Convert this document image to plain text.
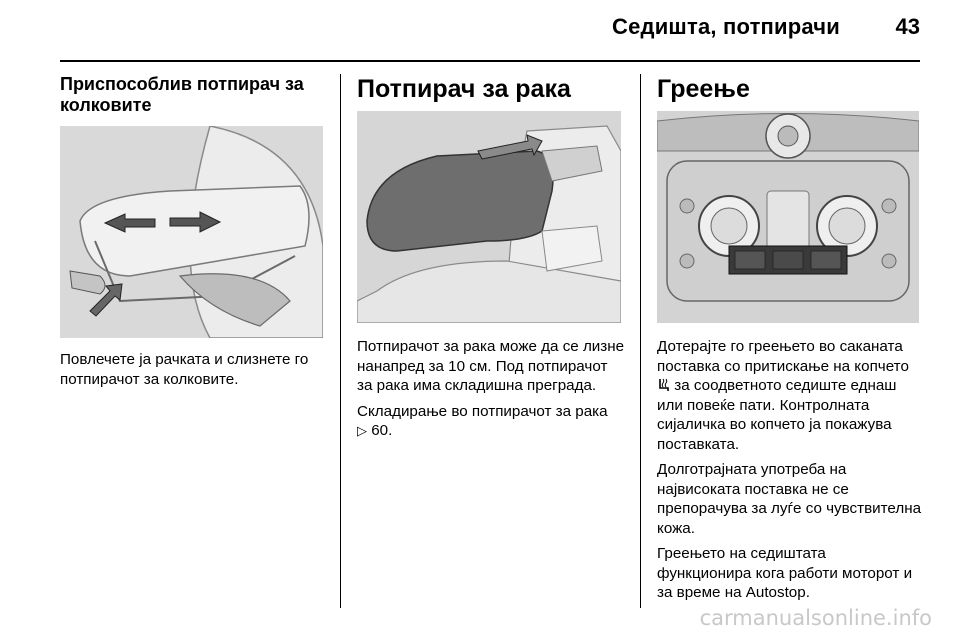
Седишта, потпирачи	43
Приспособлив потпирач за колковите

Повлечете ја рачката и слизнете го потпирачот за колковите.

Потпирач за рака

Потпирачот за рака може да се лизне нанапред за 10 cм. Под потпирачот за рака има складишна преграда.

Складирање во потпирачот за рака
▷ 60.

Греење

Дотерајте го греењето во саканата поставка со притискање на копчето  за соодветното седиште еднаш или повеќе пати. Контролната сијаличка во копчето ја покажува поставката.

Долготрајната употреба на највисоката поставка не се препорачува за луѓе со чувствителна кожа.

Греењето на седиштата функционира кога работи моторот и за време на Autostop.

carmanualsonline.info
